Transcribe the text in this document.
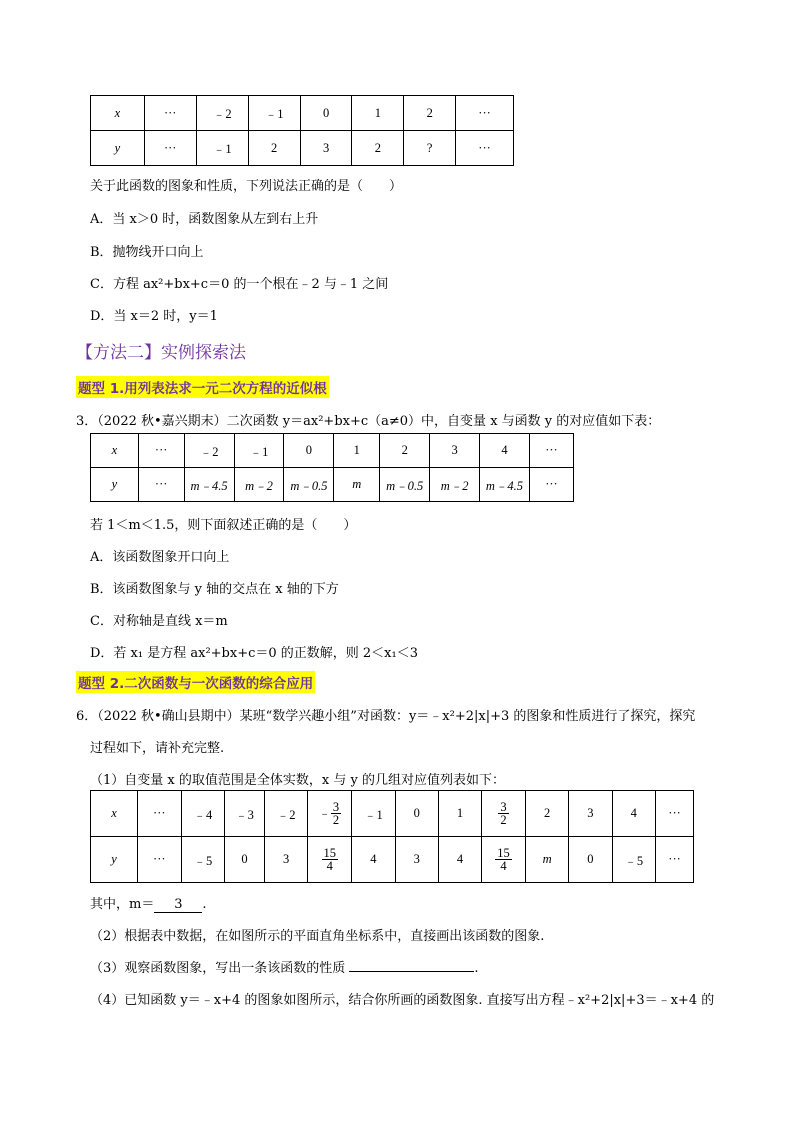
x	···	﹣2	﹣1	0	1	2	···
y	···	﹣1	2	3	2	?	···
关于此函数的图象和性质，下列说法正确的是（　　）
A．当 x＞0 时，函数图象从左到右上升
B．抛物线开口向上
C．方程 ax²+bx+c＝0 的一个根在﹣2 与﹣1 之间
D．当 x＝2 时，y＝1
【方法二】实例探索法
题型 1.用列表法求一元二次方程的近似根
3．（2022 秋•嘉兴期末）二次函数 y＝ax²+bx+c（a≠0）中，自变量 x 与函数 y 的对应值如下表：
x	···	﹣2	﹣1	0	1	2	3	4	···
y	···	m﹣4.5	m﹣2	m﹣0.5	m	m﹣0.5	m﹣2	m﹣4.5	···
若 1＜m＜1.5，则下面叙述正确的是（　　）
A．该函数图象开口向上
B．该函数图象与 y 轴的交点在 x 轴的下方
C．对称轴是直线 x＝m
D．若 x₁ 是方程 ax²+bx+c＝0 的正数解，则 2＜x₁＜3
题型 2.二次函数与一次函数的综合应用
6．（2022 秋•确山县期中）某班“数学兴趣小组”对函数：y＝﹣x²+2|x|+3 的图象和性质进行了探究，探究
过程如下，请补充完整.
（1）自变量 x 的取值范围是全体实数，x 与 y 的几组对应值列表如下：
x	···	﹣4	﹣3	﹣2	﹣ $\frac{3}{2}$	﹣1	0	1	$\frac{3}{2}$	2	3	4	···
y	···	﹣5	0	3	$\frac{15}{4}$	4	3	4	$\frac{15}{4}$	m	0	﹣5	···
其中，m＝ 3 .
（2）根据表中数据，在如图所示的平面直角坐标系中，直接画出该函数的图象.
（3）观察函数图象，写出一条该函数的性质	.
（4）已知函数 y＝﹣x+4 的图象如图所示，结合你所画的函数图象. 直接写出方程﹣x²+2|x|+3＝﹣x+4 的
